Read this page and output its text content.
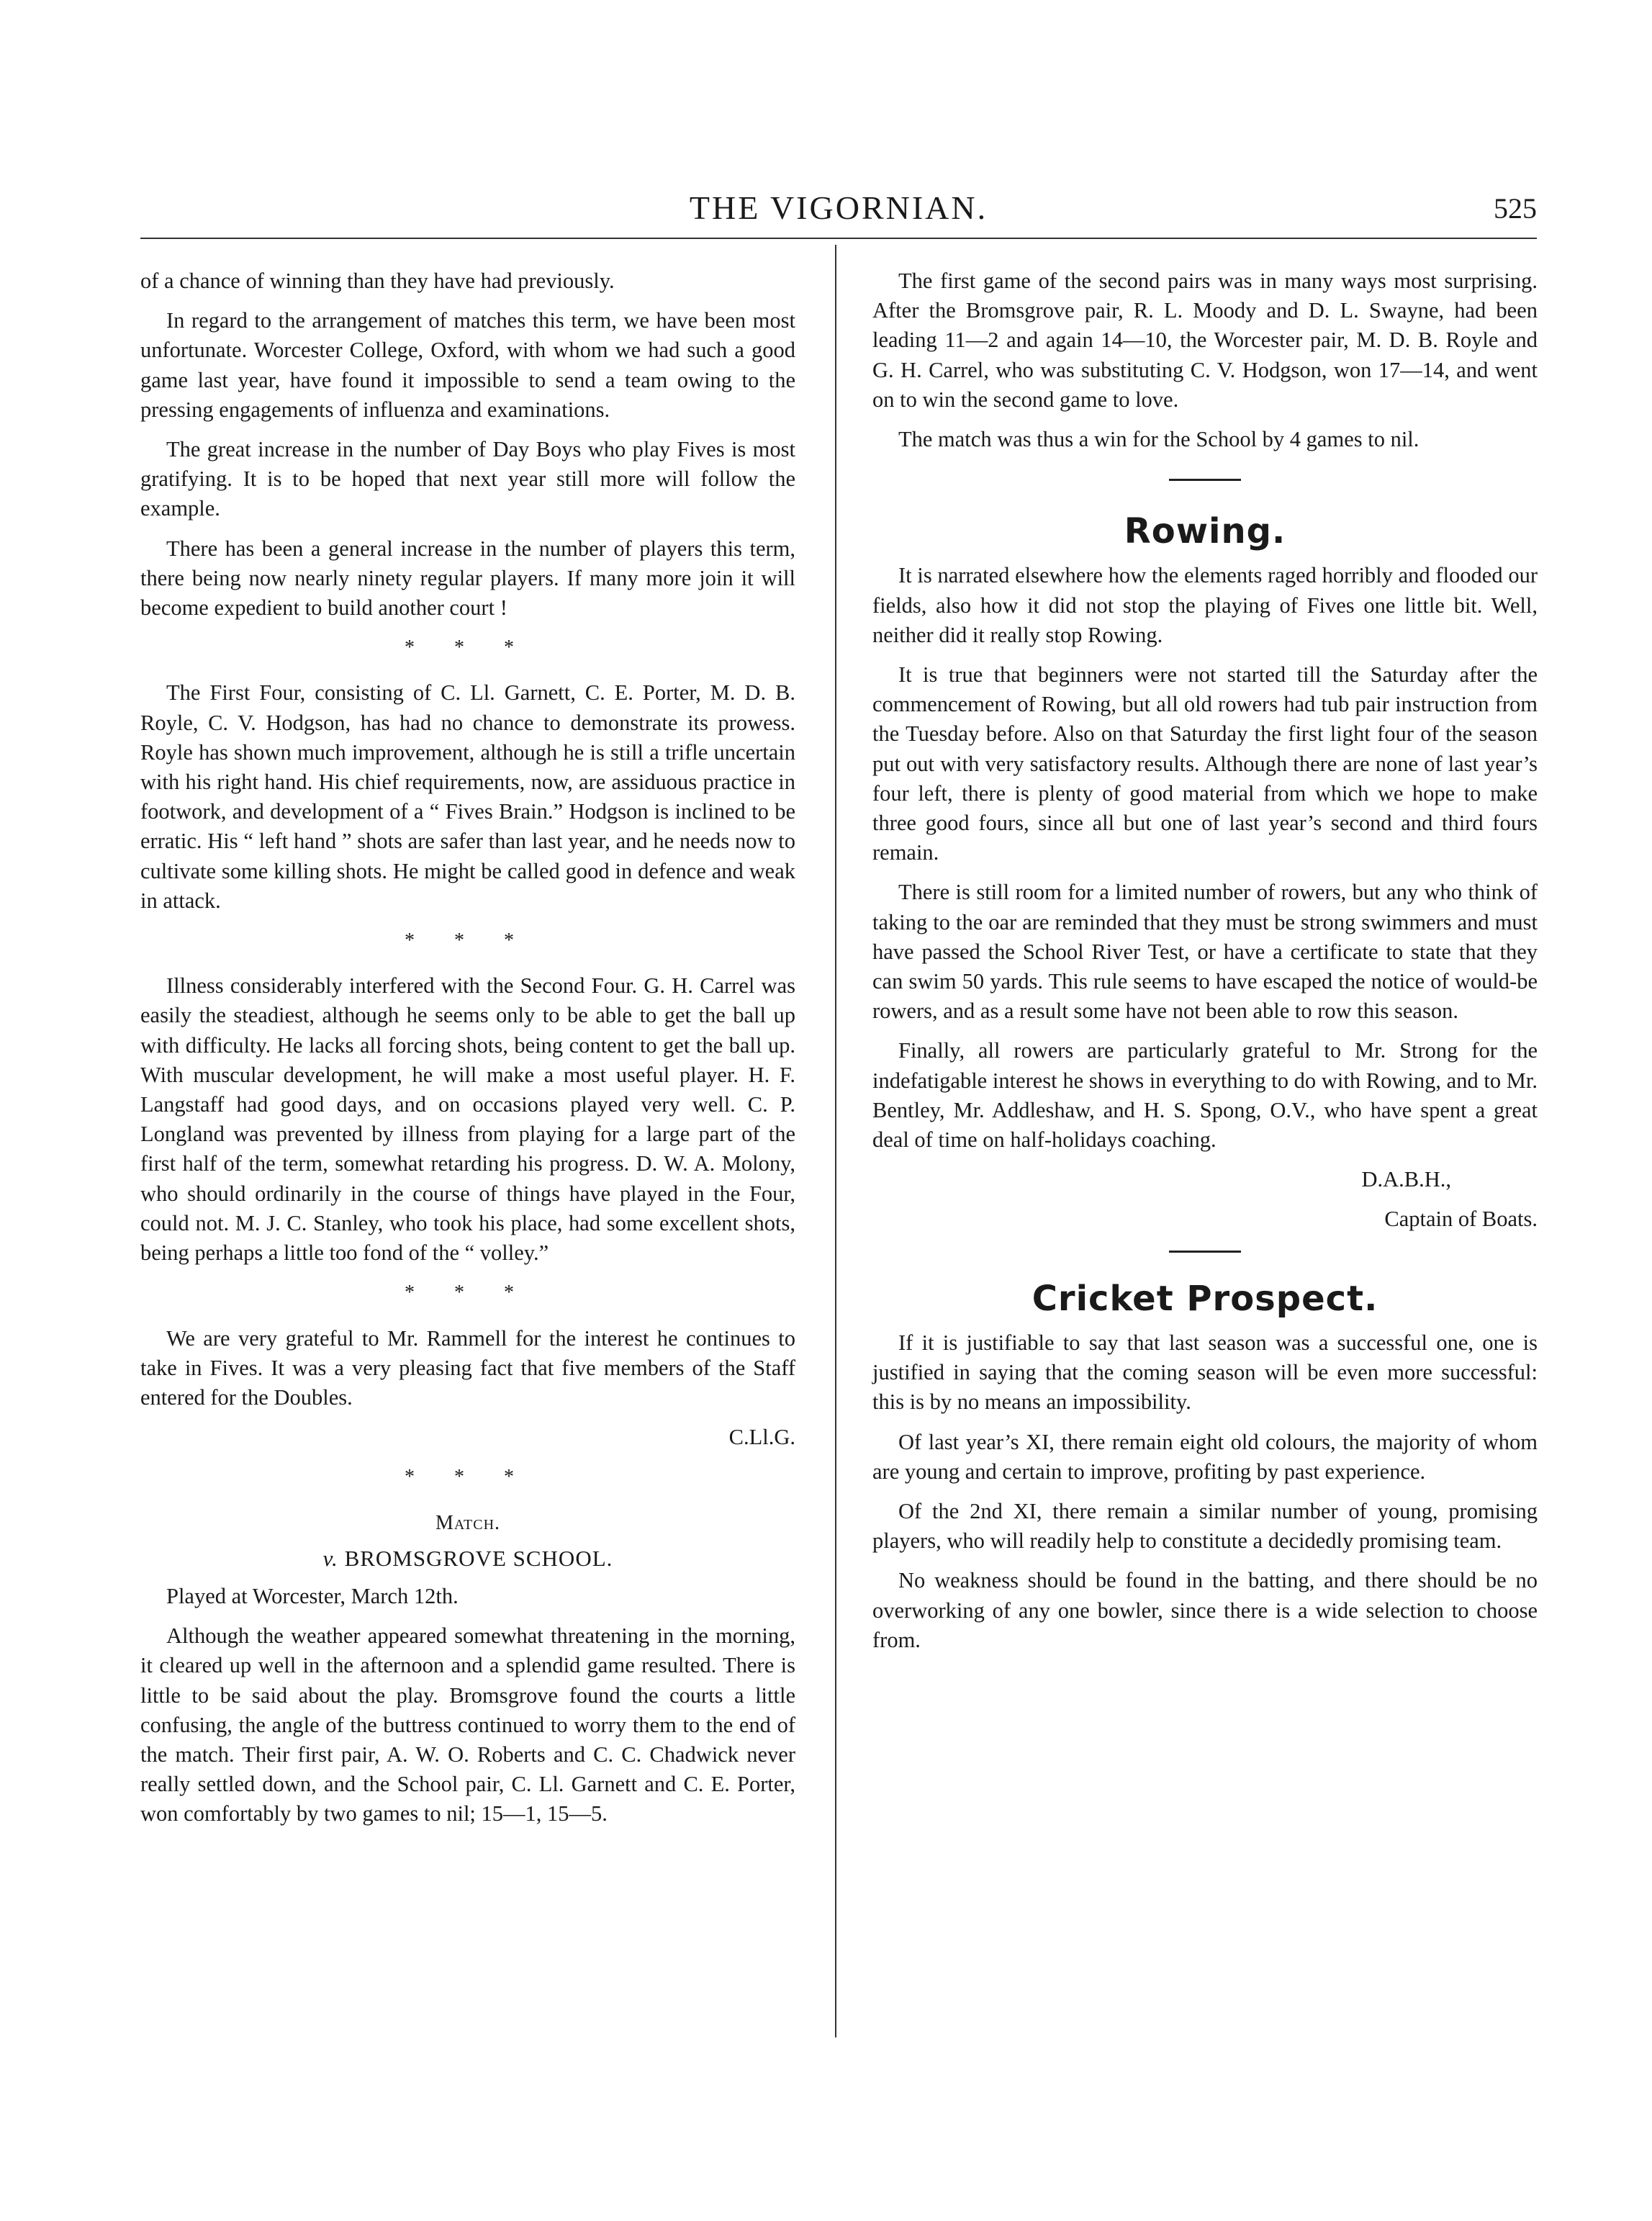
THE VIGORNIAN.	525

of a chance of winning than they have had previously.

In regard to the arrangement of matches this term, we have been most unfortunate. Worcester College, Oxford, with whom we had such a good game last year, have found it impossible to send a team owing to the pressing engagements of influenza and examinations.

The great increase in the number of Day Boys who play Fives is most gratifying. It is to be hoped that next year still more will follow the example.

There has been a general increase in the number of players this term, there being now nearly ninety regular players. If many more join it will become expedient to build another court !

* * *

The First Four, consisting of C. Ll. Garnett, C. E. Porter, M. D. B. Royle, C. V. Hodgson, has had no chance to demonstrate its prowess. Royle has shown much improvement, although he is still a trifle uncertain with his right hand. His chief requirements, now, are assiduous practice in footwork, and development of a “ Fives Brain.” Hodgson is inclined to be erratic. His “ left hand ” shots are safer than last year, and he needs now to cultivate some killing shots. He might be called good in defence and weak in attack.

* * *

Illness considerably interfered with the Second Four. G. H. Carrel was easily the steadiest, although he seems only to be able to get the ball up with difficulty. He lacks all forcing shots, being content to get the ball up. With muscular development, he will make a most useful player. H. F. Langstaff had good days, and on occasions played very well. C. P. Longland was prevented by illness from playing for a large part of the first half of the term, somewhat retarding his progress. D. W. A. Molony, who should ordinarily in the course of things have played in the Four, could not. M. J. C. Stanley, who took his place, had some excellent shots, being perhaps a little too fond of the “ volley.”

* * *

We are very grateful to Mr. Rammell for the interest he continues to take in Fives. It was a very pleasing fact that five members of the Staff entered for the Doubles.

C.Ll.G.

* * *
Match.
v. BROMSGROVE SCHOOL.

Played at Worcester, March 12th.

Although the weather appeared somewhat threatening in the morning, it cleared up well in the afternoon and a splendid game resulted. There is little to be said about the play. Bromsgrove found the courts a little confusing, the angle of the buttress continued to worry them to the end of the match. Their first pair, A. W. O. Roberts and C. C. Chadwick never really settled down, and the School pair, C. Ll. Garnett and C. E. Porter, won comfortably by two games to nil; 15—1, 15—5.

The first game of the second pairs was in many ways most surprising. After the Bromsgrove pair, R. L. Moody and D. L. Swayne, had been leading 11—2 and again 14—10, the Worcester pair, M. D. B. Royle and G. H. Carrel, who was substituting C. V. Hodgson, won 17—14, and went on to win the second game to love.

The match was thus a win for the School by 4 games to nil.

Rowing.

It is narrated elsewhere how the elements raged horribly and flooded our fields, also how it did not stop the playing of Fives one little bit. Well, neither did it really stop Rowing.

It is true that beginners were not started till the Saturday after the commencement of Rowing, but all old rowers had tub pair instruction from the Tuesday before. Also on that Saturday the first light four of the season put out with very satisfactory results. Although there are none of last year’s four left, there is plenty of good material from which we hope to make three good fours, since all but one of last year’s second and third fours remain.

There is still room for a limited number of rowers, but any who think of taking to the oar are reminded that they must be strong swimmers and must have passed the School River Test, or have a certificate to state that they can swim 50 yards. This rule seems to have escaped the notice of would-be rowers, and as a result some have not been able to row this season.

Finally, all rowers are particularly grateful to Mr. Strong for the indefatigable interest he shows in everything to do with Rowing, and to Mr. Bentley, Mr. Addleshaw, and H. S. Spong, O.V., who have spent a great deal of time on half-holidays coaching.

D.A.B.H.,

Captain of Boats.

Cricket Prospect.

If it is justifiable to say that last season was a successful one, one is justified in saying that the coming season will be even more successful: this is by no means an impossibility.

Of last year’s XI, there remain eight old colours, the majority of whom are young and certain to improve, profiting by past experience.

Of the 2nd XI, there remain a similar number of young, promising players, who will readily help to constitute a decidedly promising team.

No weakness should be found in the batting, and there should be no overworking of any one bowler, since there is a wide selection to choose from.
